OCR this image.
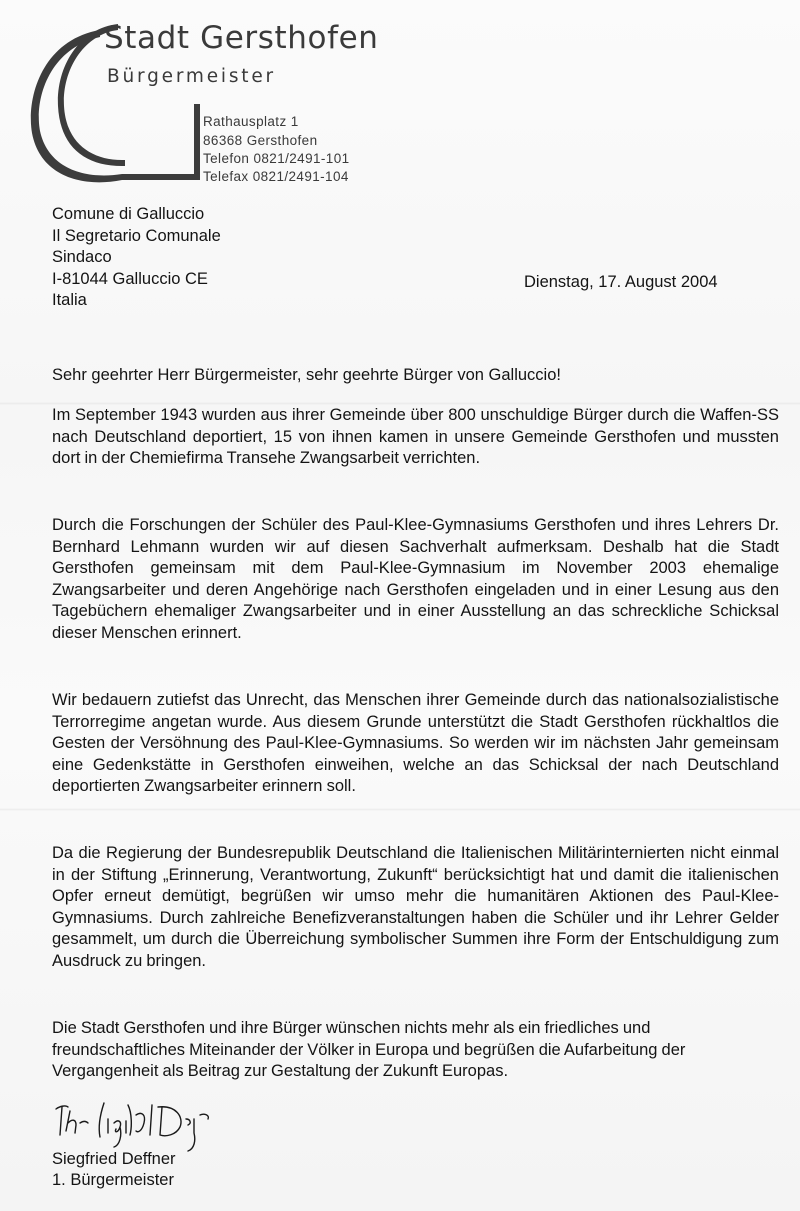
Stadt Gersthofen
Bürgermeister
Rathausplatz 1
86368 Gersthofen
Telefon 0821/2491-101
Telefax 0821/2491-104
Comune di Galluccio
Il Segretario Comunale
Sindaco
I-81044 Galluccio CE
Italia
Dienstag, 17. August 2004
Sehr geehrter Herr Bürgermeister, sehr geehrte Bürger von Galluccio!
Im September 1943 wurden aus ihrer Gemeinde über 800 unschuldige Bürger durch die Waffen-SS nach Deutschland deportiert, 15 von ihnen kamen in unsere Gemeinde Gersthofen und mussten dort in der Chemiefirma Transehe Zwangsarbeit verrichten.
Durch die Forschungen der Schüler des Paul-Klee-Gymnasiums Gersthofen und ihres Lehrers Dr. Bernhard Lehmann wurden wir auf diesen Sachverhalt aufmerksam. Deshalb hat die Stadt Gersthofen gemeinsam mit dem Paul-Klee-Gymnasium im November 2003 ehemalige Zwangsarbeiter und deren Angehörige nach Gersthofen eingeladen und in einer Lesung aus den Tagebüchern ehemaliger Zwangsarbeiter und in einer Ausstellung an das schreckliche Schicksal dieser Menschen erinnert.
Wir bedauern zutiefst das Unrecht, das Menschen ihrer Gemeinde durch das nationalsozialistische Terrorregime angetan wurde. Aus diesem Grunde unterstützt die Stadt Gersthofen rückhaltlos die Gesten der Versöhnung des Paul-Klee-Gymnasiums. So werden wir im nächsten Jahr gemeinsam eine Gedenkstätte in Gersthofen einweihen, welche an das Schicksal der nach Deutschland deportierten Zwangsarbeiter erinnern soll.
Da die Regierung der Bundesrepublik Deutschland die Italienischen Militärinternierten nicht einmal in der Stiftung „Erinnerung, Verantwortung, Zukunft“ berücksichtigt hat und damit die italienischen Opfer erneut demütigt, begrüßen wir umso mehr die humanitären Aktionen des Paul-Klee-Gymnasiums. Durch zahlreiche Benefizveranstaltungen haben die Schüler und ihr Lehrer Gelder gesammelt, um durch die Überreichung symbolischer Summen ihre Form der Entschuldigung zum Ausdruck zu bringen.
Die Stadt Gersthofen und ihre Bürger wünschen nichts mehr als ein friedliches und freundschaftliches Miteinander der Völker in Europa und begrüßen die Aufarbeitung der Vergangenheit als Beitrag zur Gestaltung der Zukunft Europas.
Siegfried Deffner
1. Bürgermeister
